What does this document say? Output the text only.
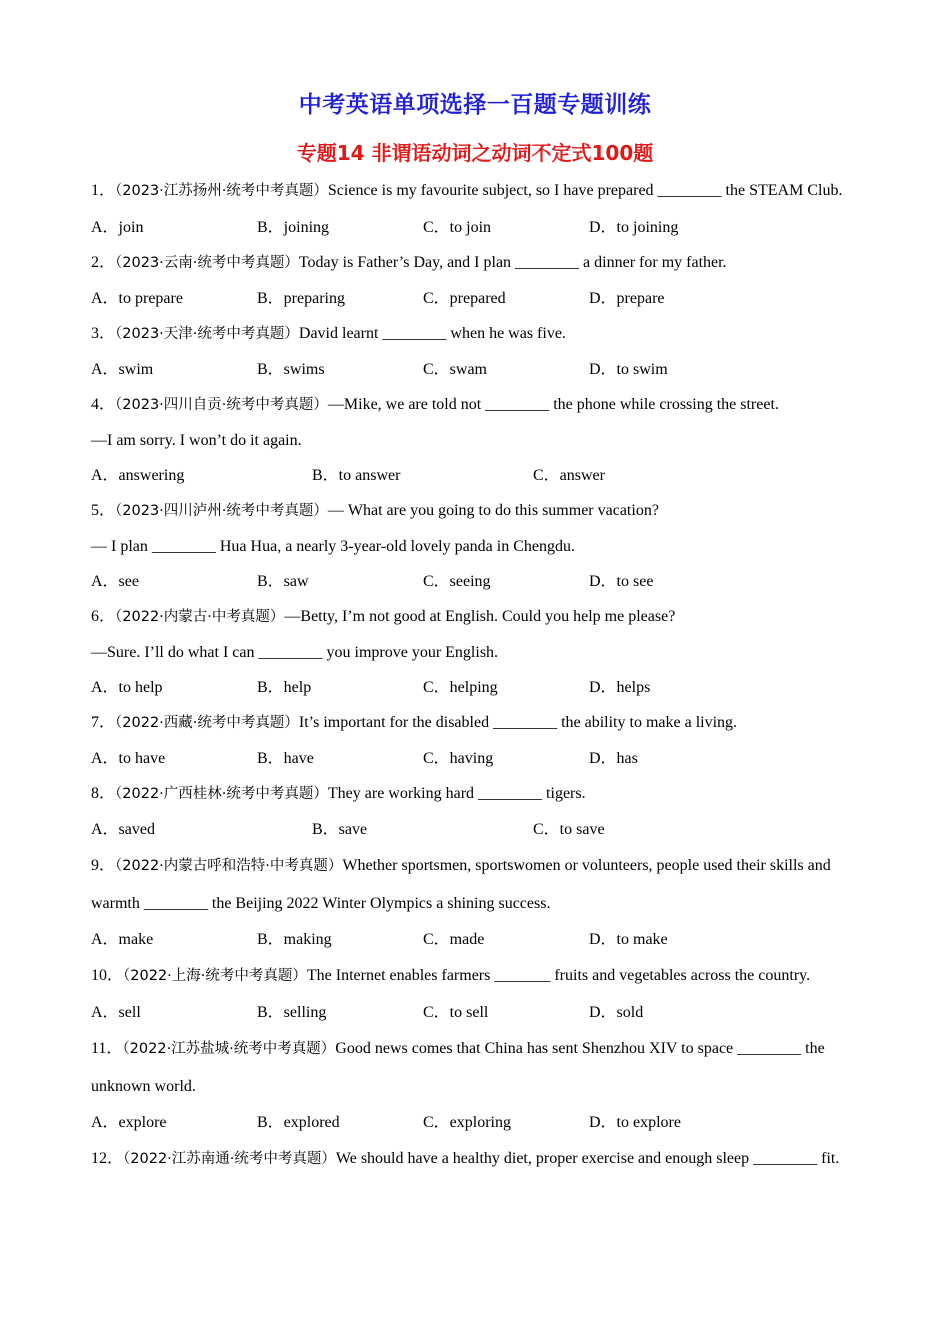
中考英语单项选择一百题专题训练
专题14 非谓语动词之动词不定式100题

1．（2023·江苏扬州·统考中考真题）Science is my favourite subject, so I have prepared ________ the STEAM Club.

A．join	B．joining	C．to join	D．to joining

2．（2023·云南·统考中考真题）Today is Father’s Day, and I plan ________ a dinner for my father.

A．to prepare	B．preparing	C．prepared	D．prepare

3．（2023·天津·统考中考真题）David learnt ________ when he was five.

A．swim	B．swims	C．swam	D．to swim

4．（2023·四川自贡·统考中考真题）—Mike, we are told not ________ the phone while crossing the street.

—I am sorry. I won’t do it again.

A．answering	B．to answer	C．answer

5．（2023·四川泸州·统考中考真题）— What are you going to do this summer vacation?

— I plan ________ Hua Hua, a nearly 3-year-old lovely panda in Chengdu.

A．see	B．saw	C．seeing	D．to see

6．（2022·内蒙古·中考真题）—Betty, I’m not good at English. Could you help me please?

—Sure. I’ll do what I can ________ you improve your English.

A．to help	B．help	C．helping	D．helps

7．（2022·西藏·统考中考真题）It’s important for the disabled ________ the ability to make a living.

A．to have	B．have	C．having	D．has

8．（2022·广西桂林·统考中考真题）They are working hard ________ tigers.

A．saved	B．save	C．to save

9．（2022·内蒙古呼和浩特·中考真题）Whether sportsmen, sportswomen or volunteers, people used their skills and warmth ________ the Beijing 2022 Winter Olympics a shining success.

A．make	B．making	C．made	D．to make

10．（2022·上海·统考中考真题）The Internet enables farmers _______ fruits and vegetables across the country.

A．sell	B．selling	C．to sell	D．sold

11．（2022·江苏盐城·统考中考真题）Good news comes that China has sent Shenzhou XIV to space ________ the unknown world.

A．explore	B．explored	C．exploring	D．to explore

12．（2022·江苏南通·统考中考真题）We should have a healthy diet, proper exercise and enough sleep ________ fit.
